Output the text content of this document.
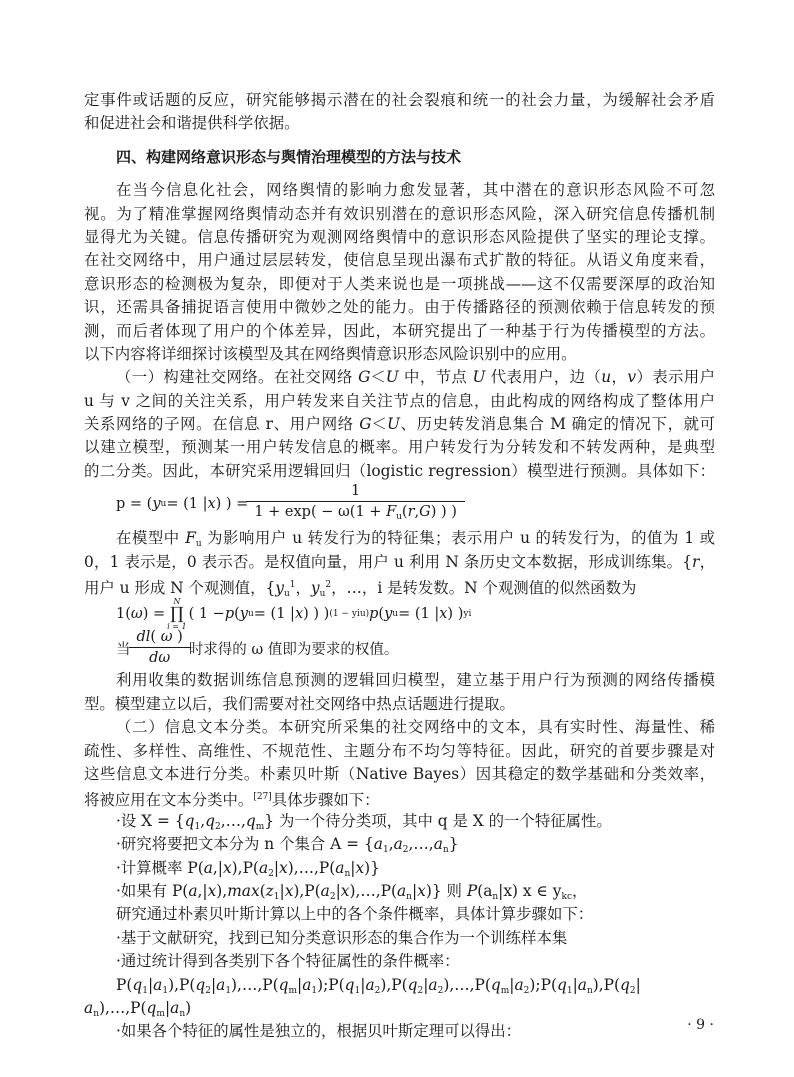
定事件或话题的反应，研究能够揭示潜在的社会裂痕和统一的社会力量，为缓解社会矛盾
和促进社会和谐提供科学依据。
四、构建网络意识形态与舆情治理模型的方法与技术
在当今信息化社会，网络舆情的影响力愈发显著，其中潜在的意识形态风险不可忽
视。为了精准掌握网络舆情动态并有效识别潜在的意识形态风险，深入研究信息传播机制
显得尤为关键。信息传播研究为观测网络舆情中的意识形态风险提供了坚实的理论支撑。
在社交网络中，用户通过层层转发，使信息呈现出瀑布式扩散的特征。从语义角度来看，
意识形态的检测极为复杂，即便对于人类来说也是一项挑战——这不仅需要深厚的政治知
识，还需具备捕捉语言使用中微妙之处的能力。由于传播路径的预测依赖于信息转发的预
测，而后者体现了用户的个体差异，因此，本研究提出了一种基于行为传播模型的方法。
以下内容将详细探讨该模型及其在网络舆情意识形态风险识别中的应用。
（一）构建社交网络。在社交网络 G＜U 中，节点 U 代表用户，边（u，v）表示用户
u 与 v 之间的关注关系，用户转发来自关注节点的信息，由此构成的网络构成了整体用户
关系网络的子网。在信息 r、用户网络 G＜U、历史转发消息集合 M 确定的情况下，就可
以建立模型，预测某一用户转发信息的概率。用户转发行为分转发和不转发两种，是典型
的二分类。因此，本研究采用逻辑回归（logistic regression）模型进行预测。具体如下：
p = ( y u = (1 | x ) ) = $\frac{1}{1 + \exp( - \omega(1 + F_u(r,G) ) )}$
在模型中 Fu 为影响用户 u 转发行为的特征集；表示用户 u 的转发行为，的值为 1 或
0，1 表示是，0 表示否。是权值向量，用户 u 利用 N 条历史文本数据，形成训练集。{r，
用户 u 形成 N 个观测值，{$yu^1$，$yu^2$，…，i 是转发数。N 个观测值的似然函数为
1( ω ) =
N
∏
i = 1
( 1 − p ( y u = (1 | x ) ) ) (1 − y i u ) p ( y u = (1 | x ) ) y i
当 $\frac{dl( \omega )}{d\omega}$ 时求得的 ω 值即为要求的权值。
利用收集的数据训练信息预测的逻辑回归模型，建立基于用户行为预测的网络传播模
型。模型建立以后，我们需要对社交网络中热点话题进行提取。
（二）信息文本分类。本研究所采集的社交网络中的文本，具有实时性、海量性、稀
疏性、多样性、高维性、不规范性、主题分布不均匀等特征。因此，研究的首要步骤是对
这些信息文本进行分类。朴素贝叶斯（Native Bayes）因其稳定的数学基础和分类效率，
将被应用在文本分类中。[27]具体步骤如下：
·设 X = {q1,q2,…,qm} 为一个待分类项，其中 q 是 X 的一个特征属性。
·研究将要把文本分为 n 个集合 A = {a1,a2,…,an}
·计算概率 P(a,|x),P(a2|x),…,P(an|x)}
·如果有 P(a,|x),max(z1|x),P(a2|x),…,P(an|x)} 则 P(an|x) x ∈ ykc，
研究通过朴素贝叶斯计算以上中的各个条件概率，具体计算步骤如下：
·基于文献研究，找到已知分类意识形态的集合作为一个训练样本集
·通过统计得到各类别下各个特征属性的条件概率：
P(q1|a1),P(q2|a1),…,P(qm|a1);P(q1|a2),P(q2|a2),…,P(qm|a2);P(q1|an),P(q2|
an),…,P(qm|an)
·如果各个特征的属性是独立的，根据贝叶斯定理可以得出：	· 9 ·
